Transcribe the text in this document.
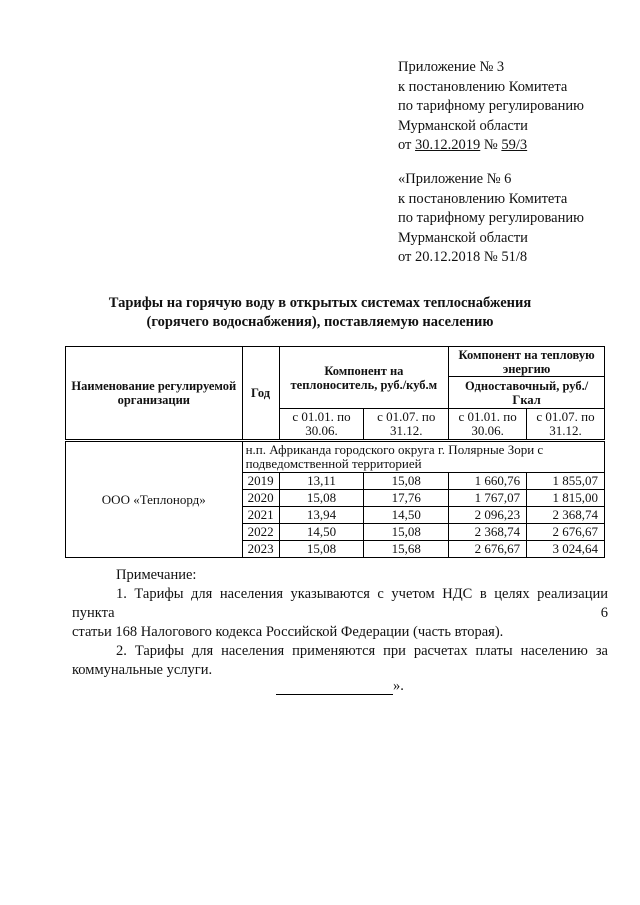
Приложение № 3
к постановлению Комитета
по тарифному регулированию
Мурманской области
от 30.12.2019 № 59/3
«Приложение № 6
к постановлению Комитета
по тарифному регулированию
Мурманской области
от 20.12.2018 № 51/8
Тарифы на горячую воду в открытых системах теплоснабжения
(горячего водоснабжения), поставляемую населению
Наименование регулируемой организации	Год	Компонент на теплоноситель, руб./куб.м		Компонент на тепловую энергию	
				Одноставочный, руб./Гкал	
		с 01.01. по 30.06.	с 01.07. по 31.12.	с 01.01. по 30.06.	с 01.07. по 31.12.
ООО «Теплонорд»	н.п. Африканда городского округа г. Полярные Зори с подведомственной территорией				
	2019	13,11	15,08	1 660,76	1 855,07
	2020	15,08	17,76	1 767,07	1 815,00
	2021	13,94	14,50	2 096,23	2 368,74
	2022	14,50	15,08	2 368,74	2 676,67
	2023	15,08	15,68	2 676,67	3 024,64

Примечание:

1. Тарифы для населения указываются с учетом НДС в целях реализации пункта 6

статьи 168 Налогового кодекса Российской Федерации (часть вторая).

2. Тарифы для населения применяются при расчетах платы населению за

коммунальные услуги.

».
